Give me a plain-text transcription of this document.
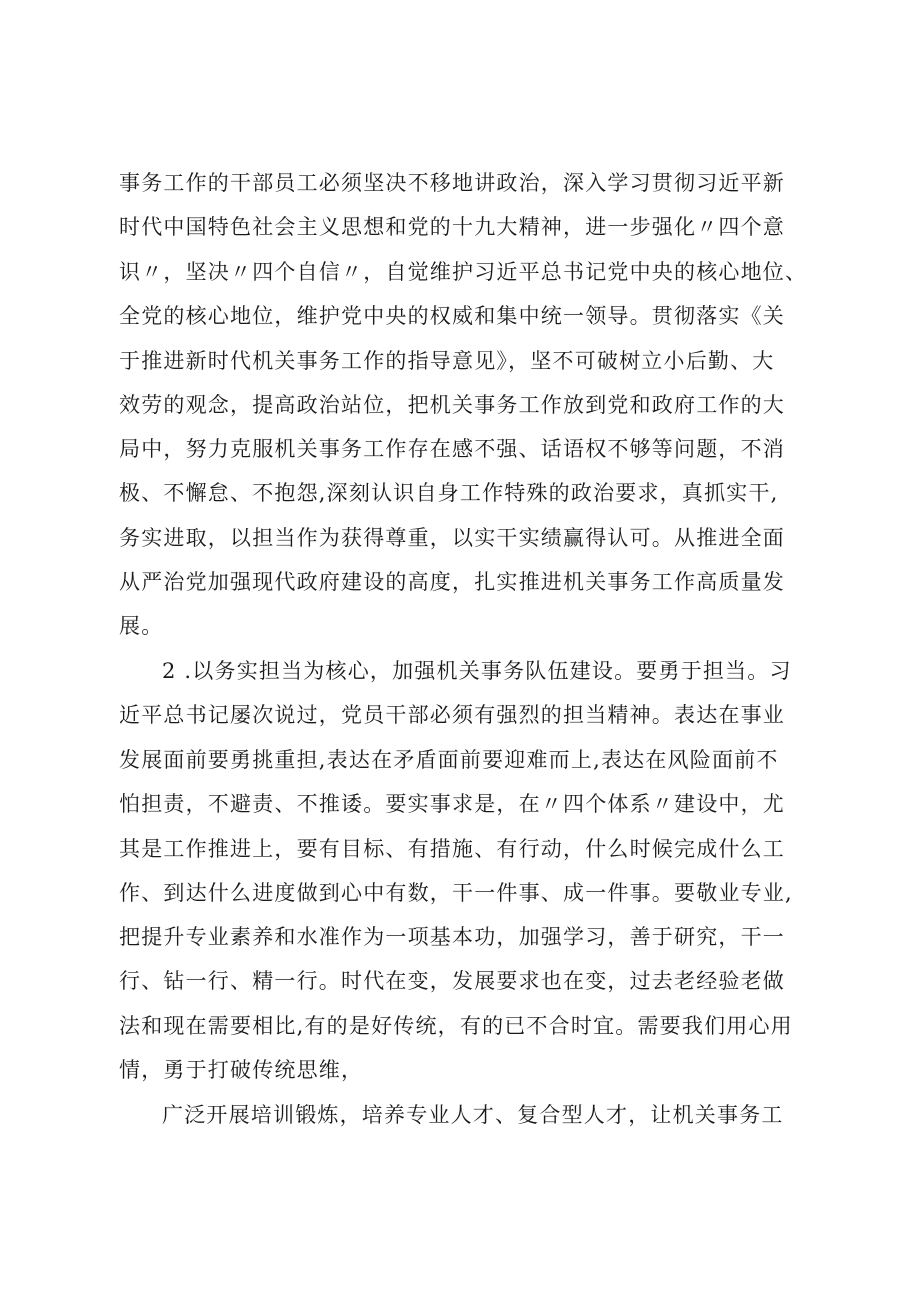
事务工作的干部员工必须坚决不移地讲政治，深入学习贯彻习近平新
时代中国特色社会主义思想和党的十九大精神，进一步强化〃四个意
识〃，坚决〃四个自信〃，自觉维护习近平总书记党中央的核心地位、
全党的核心地位，维护党中央的权威和集中统一领导。贯彻落实《关
于推进新时代机关事务工作的指导意见》，坚不可破树立小后勤、大
效劳的观念，提高政治站位，把机关事务工作放到党和政府工作的大
局中，努力克服机关事务工作存在感不强、话语权不够等问题，不消
极、不懈怠、不抱怨,深刻认识自身工作特殊的政治要求，真抓实干,
务实进取，以担当作为获得尊重，以实干实绩赢得认可。从推进全面
从严治党加强现代政府建设的高度，扎实推进机关事务工作高质量发
展。
2 .以务实担当为核心，加强机关事务队伍建设。要勇于担当。习
近平总书记屡次说过，党员干部必须有强烈的担当精神。表达在事业
发展面前要勇挑重担,表达在矛盾面前要迎难而上,表达在风险面前不
怕担责，不避责、不推诿。要实事求是，在〃四个体系〃建设中，尤
其是工作推进上，要有目标、有措施、有行动，什么时候完成什么工
作、到达什么进度做到心中有数，干一件事、成一件事。要敬业专业,
把提升专业素养和水准作为一项基本功，加强学习，善于研究，干一
行、钻一行、精一行。时代在变，发展要求也在变，过去老经验老做
法和现在需要相比,有的是好传统，有的已不合时宜。需要我们用心用
情，勇于打破传统思维，
广泛开展培训锻炼，培养专业人才、复合型人才，让机关事务工
